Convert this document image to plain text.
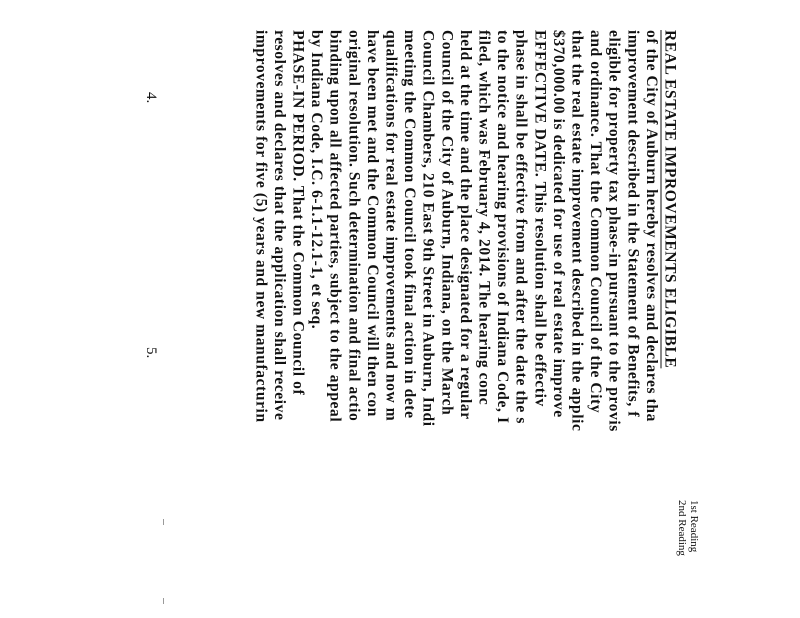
1st Reading
2nd Reading
REAL ESTATE IMPROVEMENTS ELIGIBLE
of the City of Auburn hereby resolves and declares tha
improvement described in the Statement of Benefits, f
eligible for property tax phase-in pursuant to the provis
and ordinance. That the Common Council of the City
that the real estate improvement described in the applic
$370,000.00 is dedicated for use of real estate improve
EFFECTIVE DATE. This resolution shall be effectiv
phase in shall be effective from and after the date the s
to the notice and hearing provisions of Indiana Code, I
filed, which was February 4, 2014. The hearing conc
held at the time and the place designated for a regular
Council of the City of Auburn, Indiana, on the March
Council Chambers, 210 East 9th Street in Auburn, Indi
meeting the Common Council took final action in dete
qualifications for real estate improvements and now m
have been met and the Common Council will then con
original resolution. Such determination and final actio
binding upon all affected parties, subject to the appeal
by Indiana Code, I.C. 6-1.1-12.1-1, et seq.
PHASE-IN PERIOD. That the Common Council of
resolves and declares that the application shall receive
improvements for five (5) years and new manufacturin
4.
5.
